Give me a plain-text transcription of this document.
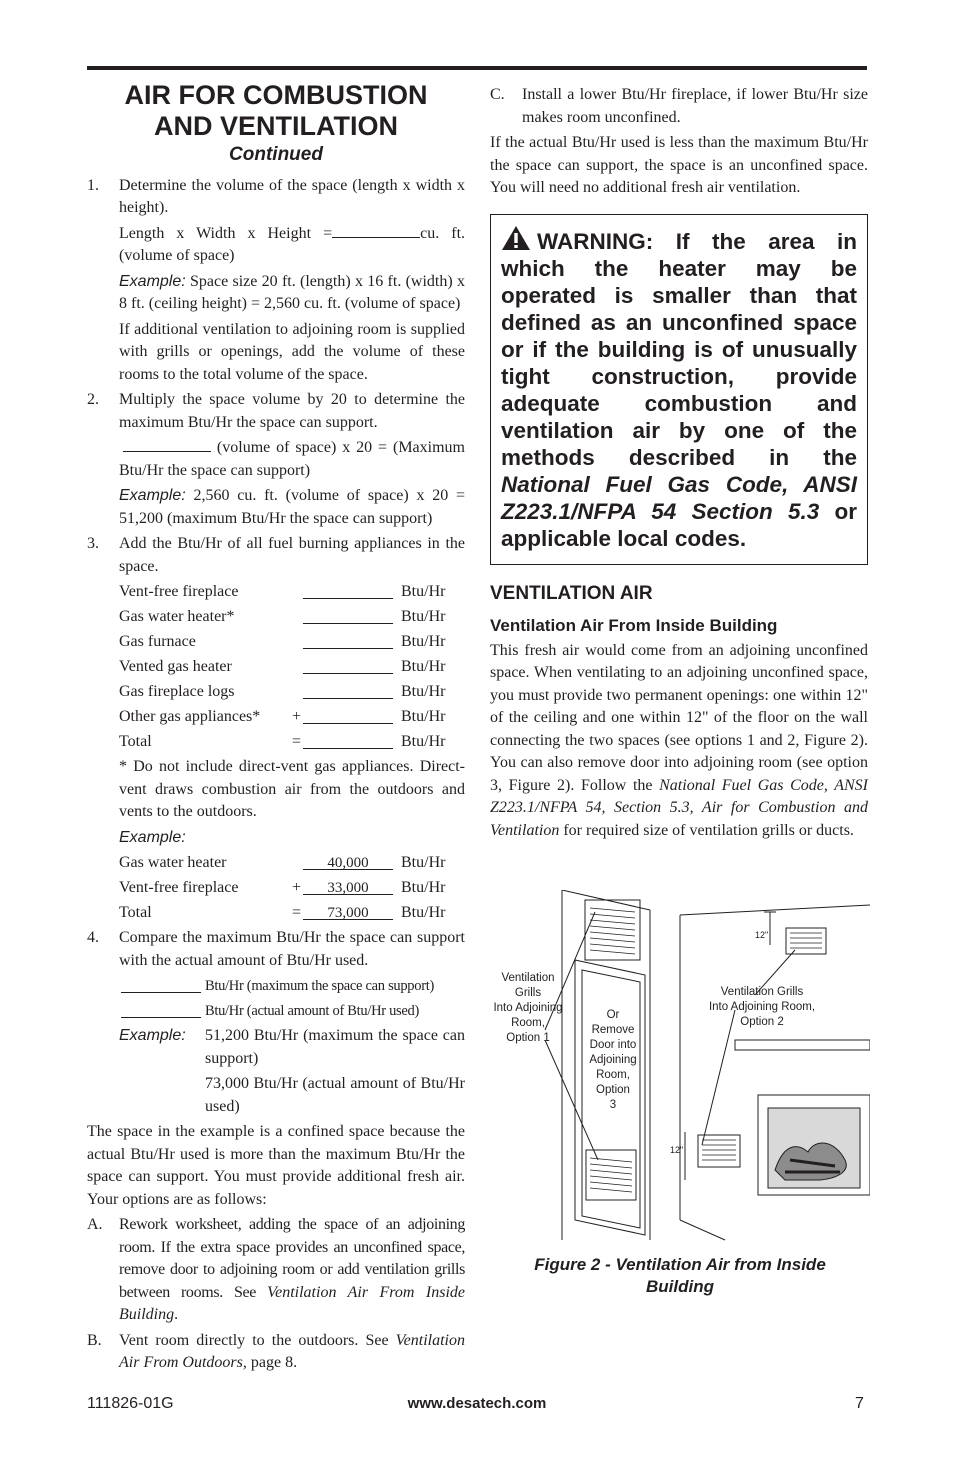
AIR FOR COMBUSTION
AND VENTILATION
Continued
1. Determine the volume of the space (length x width x height).

Length x Width x Height =	cu. ft. (volume of space)

Example: Space size 20 ft. (length) x 16 ft. (width) x 8 ft. (ceiling height) = 2,560 cu. ft. (volume of space)

If additional ventilation to adjoining room is supplied with grills or openings, add the volume of these rooms to the total volume of the space.

2. Multiply the space volume by 20 to determine the maximum Btu/Hr the space can support.

(volume of space) x 20 = (Maximum Btu/Hr the space can support)

Example: 2,560 cu. ft. (volume of space) x 20 = 51,200 (maximum Btu/Hr the space can support)

3. Add the Btu/Hr of all fuel burning appliances in the space.

Vent-free fireplace	Btu/Hr
Gas water heater*	Btu/Hr
Gas furnace	Btu/Hr
Vented gas heater	Btu/Hr
Gas fireplace logs	Btu/Hr
Other gas appliances* +	Btu/Hr
Total	=	Btu/Hr

* Do not include direct-vent gas appliances. Direct-vent draws combustion air from the outdoors and vents to the outdoors.

Example:

Gas water heater	40,000	Btu/Hr
Vent-free fireplace	+	33,000	Btu/Hr
Total	=	73,000	Btu/Hr
4. Compare the maximum Btu/Hr the space can support with the actual amount of Btu/Hr used.

Btu/Hr (maximum the space can support)
Btu/Hr (actual amount of Btu/Hr used)
Example: 51,200 Btu/Hr (maximum the space can support)

73,000 Btu/Hr (actual amount of Btu/Hr used)

The space in the example is a confined space because the actual Btu/Hr used is more than the maximum Btu/Hr the space can support. You must provide additional fresh air. Your options are as follows:

A. Rework worksheet, adding the space of an adjoining room. If the extra space provides an unconfined space, remove door to adjoining room or add ventilation grills between rooms. See Ventilation Air From Inside Building.

B. Vent room directly to the outdoors. See Ventilation Air From Outdoors, page 8.

C. Install a lower Btu/Hr fireplace, if lower Btu/Hr size makes room unconfined.

If the actual Btu/Hr used is less than the maximum Btu/Hr the space can support, the space is an unconfined space. You will need no additional fresh air ventilation.

WARNING: If the area in which the heater may be operated is smaller than that defined as an unconfined space or if the building is of unusually tight construction, provide adequate combustion and ventilation air by one of the methods described in the National Fuel Gas Code, ANSI Z223.1/NFPA 54 Section 5.3 or applicable local codes.
VENTILATION AIR
Ventilation Air From Inside Building

This fresh air would come from an adjoining unconfined space. When ventilating to an adjoining unconfined space, you must provide two permanent openings: one within 12" of the ceiling and one within 12" of the floor on the wall connecting the two spaces (see options 1 and 2, Figure 2). You can also remove door into adjoining room (see option 3, Figure 2). Follow the National Fuel Gas Code, ANSI Z223.1/NFPA 54, Section 5.3, Air for Combustion and Ventilation for required size of ventilation grills or ducts.

12"
12"
Ventilation
Grills
Into Adjoining
Room,
Option 1
Or
Remove
Door into
Adjoining
Room,
Option
3
Ventilation Grills
Into Adjoining Room,
Option 2
Figure 2 - Ventilation Air from Inside
Building
111826-01G	www.desatech.com	7
